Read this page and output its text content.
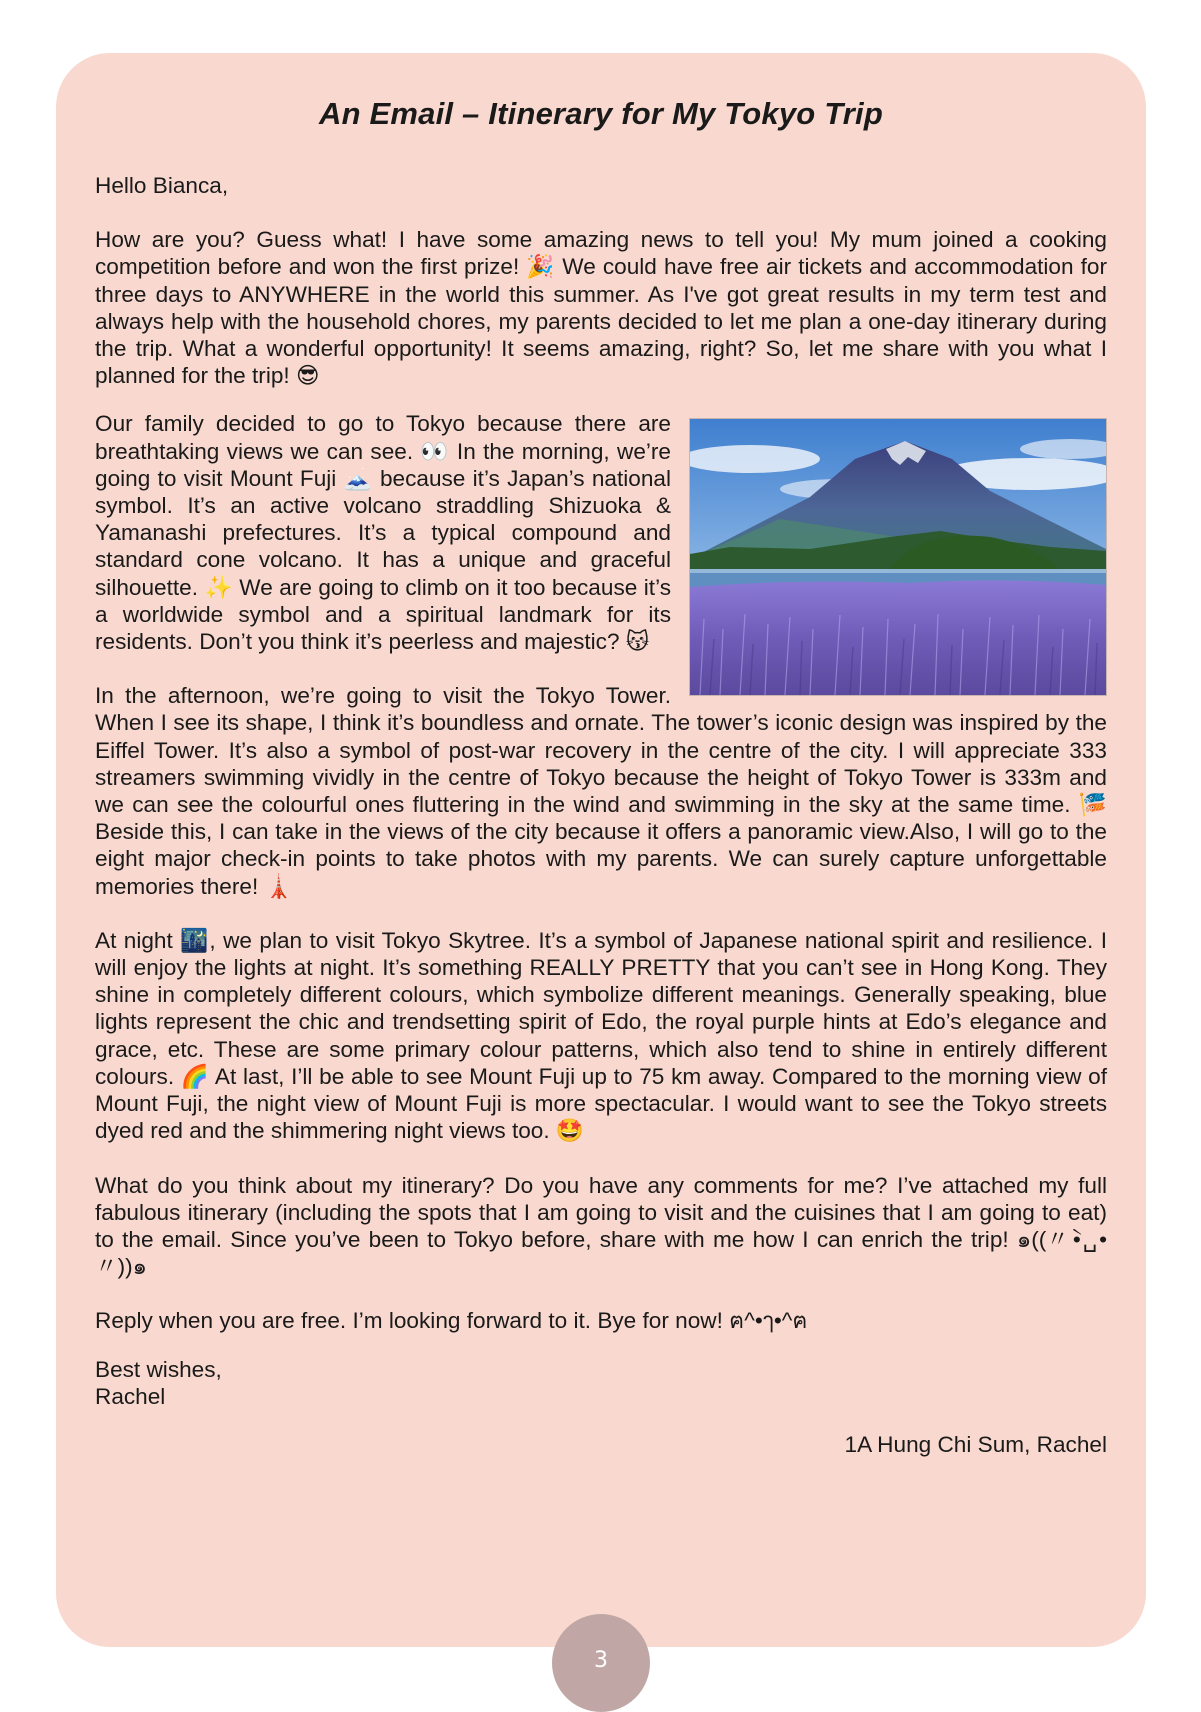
An Email – Itinerary for My Tokyo Trip

Hello Bianca,

How are you? Guess what! I have some amazing news to tell you! My mum joined a cooking competition before and won the first prize! 🎉 We could have free air tickets and accommodation for three days to ANYWHERE in the world this summer. As I've got great results in my term test and always help with the household chores, my parents decided to let me plan a one-day itinerary during the trip. What a wonderful opportunity! It seems amazing, right? So, let me share with you what I planned for the trip! 😎

Our family decided to go to Tokyo because there are breathtaking views we can see. 👀 In the morning, we’re going to visit Mount Fuji 🗻 because it’s Japan’s national symbol. It’s an active volcano straddling Shizuoka & Yamanashi prefectures. It’s a typical compound and standard cone volcano. It has a unique and graceful silhouette. ✨ We are going to climb on it too because it’s a worldwide symbol and a spiritual landmark for its residents. Don’t you think it’s peerless and majestic? 😽

In the afternoon, we’re going to visit the Tokyo Tower. When I see its shape, I think it’s boundless and ornate. The tower’s iconic design was inspired by the Eiffel Tower. It’s also a symbol of post-war recovery in the centre of the city. I will appreciate 333 streamers swimming vividly in the centre of Tokyo because the height of Tokyo Tower is 333m and we can see the colourful ones fluttering in the wind and swimming in the sky at the same time. 🎏 Beside this, I can take in the views of the city because it offers a panoramic view.Also, I will go to the eight major check-in points to take photos with my parents. We can surely capture unforgettable memories there! 🗼

At night 🌃, we plan to visit Tokyo Skytree. It’s a symbol of Japanese national spirit and resilience. I will enjoy the lights at night. It’s something REALLY PRETTY that you can’t see in Hong Kong. They shine in completely different colours, which symbolize different meanings. Generally speaking, blue lights represent the chic and trendsetting spirit of Edo, the royal purple hints at Edo’s elegance and grace, etc. These are some primary colour patterns, which also tend to shine in entirely different colours. 🌈 At last, I’ll be able to see Mount Fuji up to 75 km away. Compared to the morning view of Mount Fuji, the night view of Mount Fuji is more spectacular. I would want to see the Tokyo streets dyed red and the shimmering night views too. 🤩

What do you think about my itinerary? Do you have any comments for me? I’ve attached my full fabulous itinerary (including the spots that I am going to visit and the cuisines that I am going to eat) to the email. Since you’ve been to Tokyo before, share with me how I can enrich the trip! ๑((〃̀•␣•〃))๑

Reply when you are free. I’m looking forward to it. Bye for now! ฅ^•ๅ•^ฅ

Best wishes,

Rachel

1A Hung Chi Sum, Rachel

3
